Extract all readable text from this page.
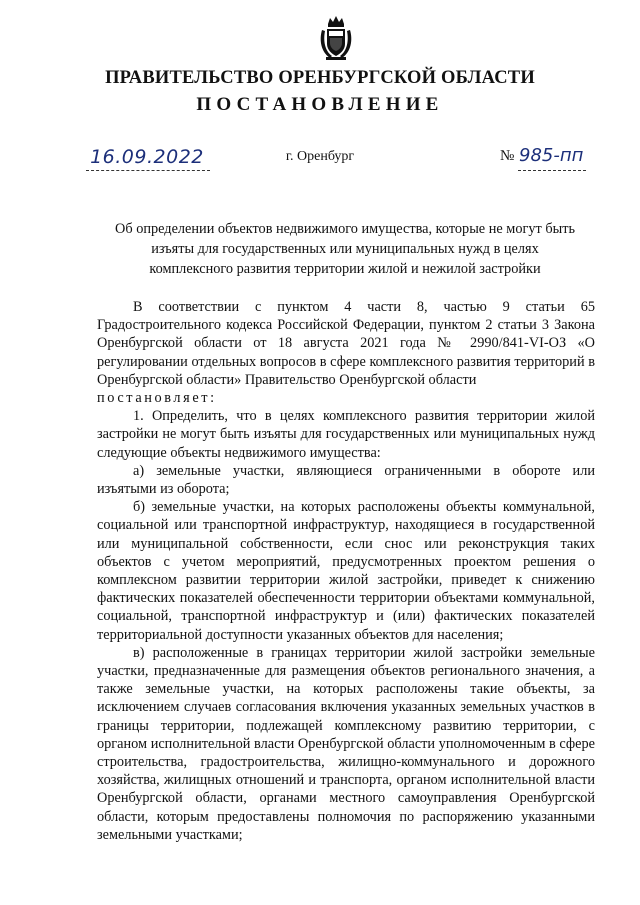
ПРАВИТЕЛЬСТВО ОРЕНБУРГСКОЙ ОБЛАСТИ
ПОСТАНОВЛЕНИЕ
16.09.2022	г. Оренбург	№ 985-пп
Об определении объектов недвижимого имущества, которые не могут быть
изъяты для государственных или муниципальных нужд в целях
комплексного развития территории жилой и нежилой застройки

В соответствии с пунктом 4 части 8, частью 9 статьи 65 Градостроительного кодекса Российской Федерации, пунктом 2 статьи 3 Закона Оренбургской области от 18 августа 2021 года № 2990/841-VI-ОЗ «О регулировании отдельных вопросов в сфере комплексного развития территорий в Оренбургской области» Правительство Оренбургской области

постановляет:

1. Определить, что в целях комплексного развития территории жилой застройки не могут быть изъяты для государственных или муниципальных нужд следующие объекты недвижимого имущества:

а) земельные участки, являющиеся ограниченными в обороте или изъятыми из оборота;

б) земельные участки, на которых расположены объекты коммунальной, социальной или транспортной инфраструктур, находящиеся в государственной или муниципальной собственности, если снос или реконструкция таких объектов с учетом мероприятий, предусмотренных проектом решения о комплексном развитии территории жилой застройки, приведет к снижению фактических показателей обеспеченности территории объектами коммунальной, социальной, транспортной инфраструктур и (или) фактических показателей территориальной доступности указанных объектов для населения;

в) расположенные в границах территории жилой застройки земельные участки, предназначенные для размещения объектов регионального значения, а также земельные участки, на которых расположены такие объекты, за исключением случаев согласования включения указанных земельных участков в границы территории, подлежащей комплексному развитию территории, с органом исполнительной власти Оренбургской области уполномоченным в сфере строительства, градостроительства, жилищно-коммунального и дорожного хозяйства, жилищных отношений и транспорта, органом исполнительной власти Оренбургской области, органами местного самоуправления Оренбургской области, которым предоставлены полномочия по распоряжению указанными земельными участками;
